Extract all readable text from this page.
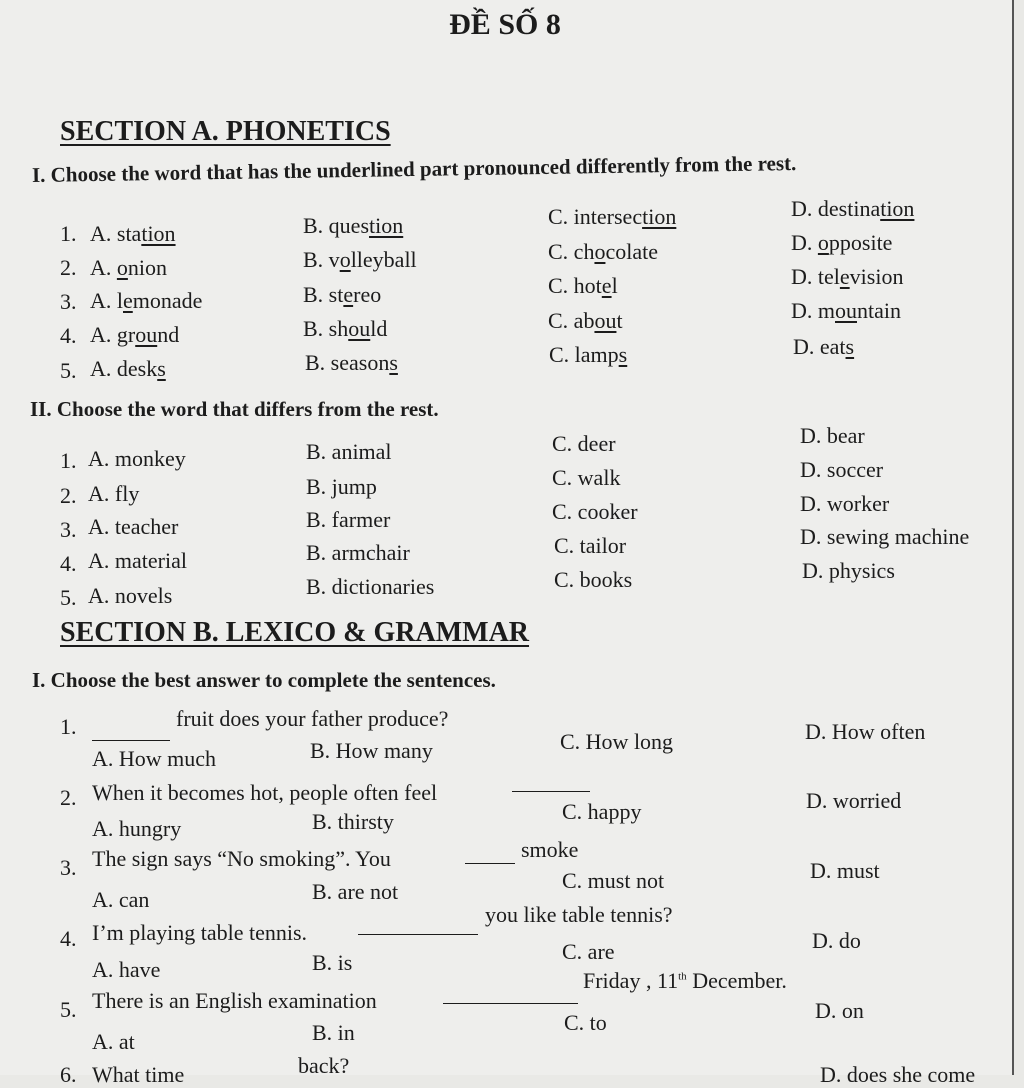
ĐỀ SỐ 8
SECTION A. PHONETICS
I. Choose the word that has the underlined part pronounced differently from the rest.
1. A. station	B. question	C. intersection	D. destination
2. A. onion	B. volleyball	C. chocolate	D. opposite
3. A. lemonade	B. stereo	C. hotel	D. television
4. A. ground	B. should	C. about	D. mountain
5. A. desks	B. seasons	C. lamps	D. eats
II. Choose the word that differs from the rest.
1. A. monkey	B. animal	C. deer	D. bear
2. A. fly	B. jump	C. walk	D. soccer
3. A. teacher	B. farmer	C. cooker	D. worker
4. A. material	B. armchair	C. tailor	D. sewing machine
5. A. novels	B. dictionaries	C. books	D. physics
SECTION B. LEXICO & GRAMMAR
I. Choose the best answer to complete the sentences.
1.	fruit does your father produce?
A. How much	B. How many	C. How long	D. How often
2. When it becomes hot, people often feel
A. hungry	B. thirsty	C. happy	D. worried
3. The sign says “No smoking”. You	smoke
A. can	B. are not	C. must not	D. must
4. I’m playing table tennis.
you like table tennis?
A. have	B. is	C. are	D. do
5. There is an English examination
Friday , 11th December.
A. at	B. in	C. to	D. on
6. What time	back?	D. does she come
